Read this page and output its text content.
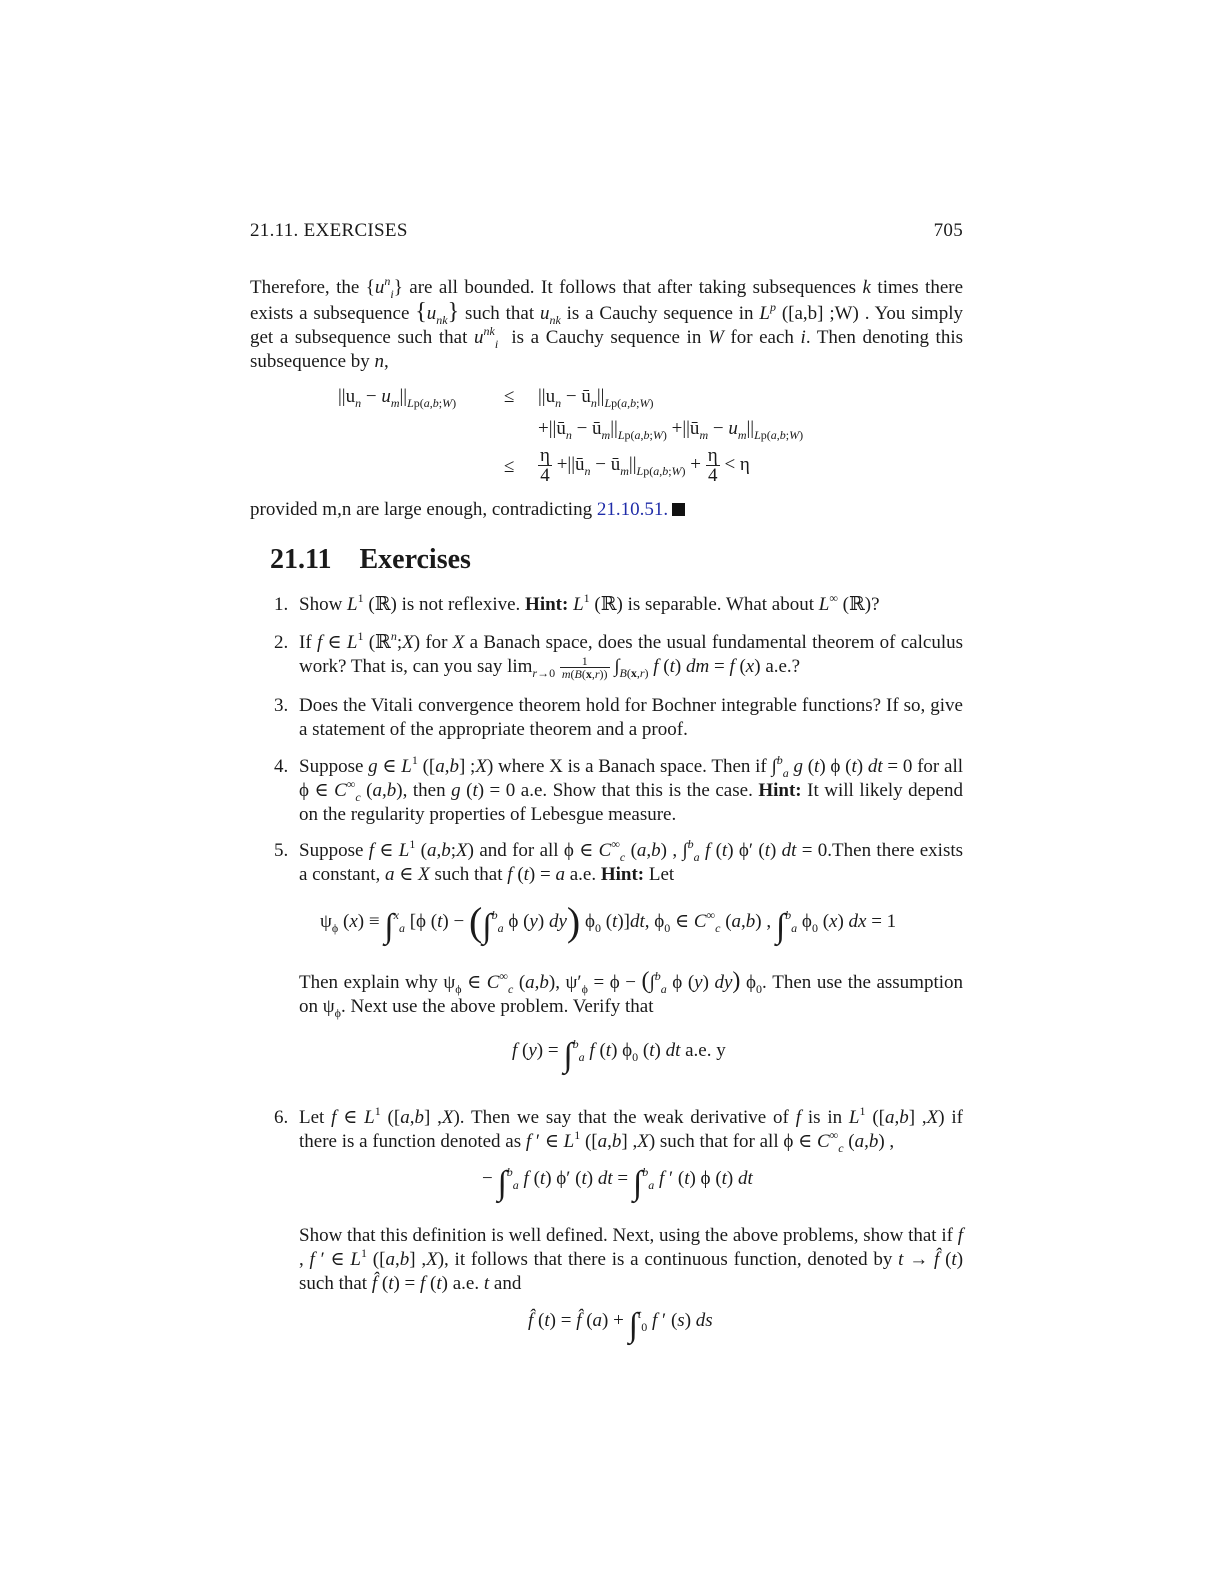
21.11. EXERCISES	705
Therefore, the $\{u^n_i\}$ are all bounded. It follows that after taking subsequences k times there exists a subsequence $\{u_{nk}\}$ such that $u_{nk}$ is a Cauchy sequence in $L^p$ ([a,b] ;W) . You simply get a subsequence such that $u^{nk}_i$  is a Cauchy sequence in W for each i. Then denoting this subsequence by n,
$||u_n - u_m||_{Lp(a,b;W)}$	≤ $||u_n$ − $ū_n||_{Lp(a,b;W)}$
$+||ū_n$ − $ū_m||_{Lp(a,b;W)}$ $+||ū_m - u_m||_{Lp(a,b;W)}$
≤ $\frac{\eta}{4}$ $+||ū_n$ − $ū_m||_{Lp(a,b;W)} + \frac{\eta}{4} < \eta$
provided m,n are large enough, contradicting 21.10.51.
21.11 Exercises
1. Show $L^1$ (ℝ) is not reflexive. Hint: $L^1$ (ℝ) is separable. What about L∞ (ℝ)?
2. If f ∈ $L^1$ (ℝ$^n$;X) for X a Banach space, does the usual fundamental theorem of calculus work? That is, can you say $\lim_{r\to 0} \frac{1}{m(B(x,r))} \int_{B(x,r)}$ f (t) dm = f (x) a.e.?
3. Does the Vitali convergence theorem hold for Bochner integrable functions? If so, give a statement of the appropriate theorem and a proof.
4. Suppose g ∈ $L^1$ ([a,b] ;X) where X is a Banach space. Then if ∫$^b_a$ g (t) ϕ (t) dt = 0 for all ϕ ∈ $C^\infty_c$ (a,b), then g (t) = 0 a.e. Show that this is the case. Hint: It will likely depend on the regularity properties of Lebesgue measure.
5. Suppose f ∈ $L^1$ (a,b;X) and for all ϕ ∈ $C^\infty_c$ (a,b) , ∫$^b_a$ f (t) ϕ′ (t) dt = 0.Then there exists a constant, a ∈ X such that f (t) = a a.e. Hint: Let
$\psi_\phi$ (x) ≡ ∫$^x_a$ [ϕ (t) − (∫$^b_a$ ϕ (y) dy) $\phi_0$ (t)]dt, $\phi_0$ ∈ $C^\infty_c$ (a,b) , ∫$^b_a$ $\phi_0$ (x) dx = 1
Then explain why $\psi_\phi$ ∈ $C^\infty_c$ (a,b), $\psi'_\phi = \phi - (\int^b_a$ ϕ (y) dy) $\phi_0$. Then use the assumption on $\psi_\phi$. Next use the above problem. Verify that
f (y) = ∫$^b_a$ f (t) $\phi_0$ (t) dt a.e. y
6. Let f ∈ $L^1$ ([a,b] ,X). Then we say that the weak derivative of f is in $L^1$ ([a,b] ,X) if there is a function denoted as f ′ ∈ $L^1$ ([a,b] ,X) such that for all ϕ ∈ $C^\infty_c$ (a,b) ,
− ∫$^b_a$ f (t) ϕ′ (t) dt = ∫$^b_a$ f ′ (t) ϕ (t) dt
Show that this definition is well defined. Next, using the above problems, show that if f , f ′ ∈ $L^1$ ([a,b] ,X), it follows that there is a continuous function, denoted by t → f̂ (t) such that f̂ (t) = f (t) a.e. t and
f̂ (t) = f̂ (a) + ∫$^t_0$ f ′ (s) ds
